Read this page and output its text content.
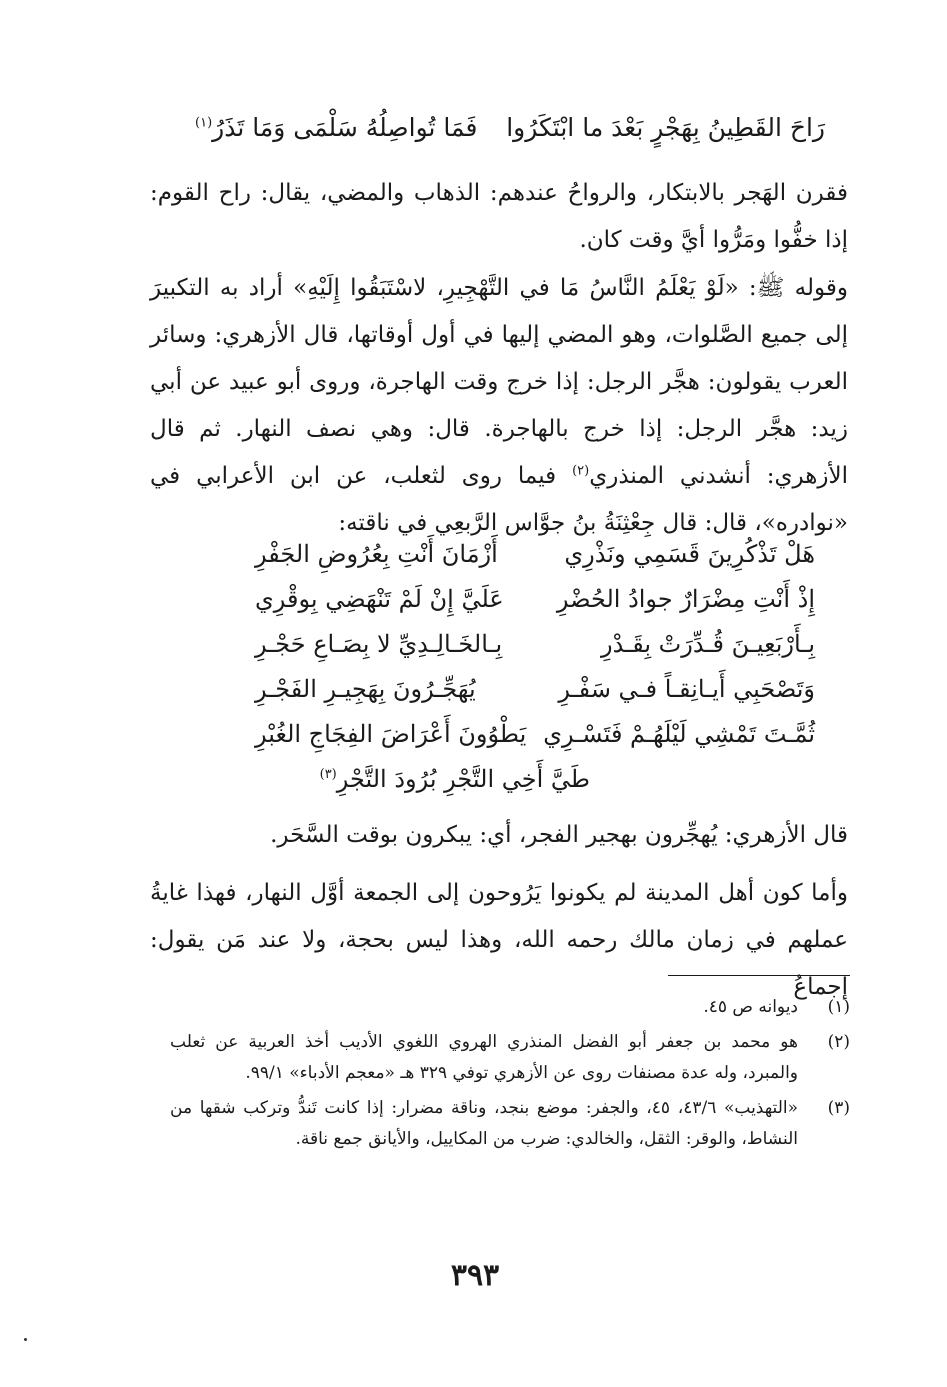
رَاحَ القَطِينُ بِهَجْرٍ بَعْدَ ما ابْتَكَرُوا
فَمَا تُواصِلُهُ سَلْمَى وَمَا تَذَرُ$^{(١)}$

فقرن الهَجر بالابتكار، والرواحُ عندهم: الذهاب والمضي، يقال: راح القوم: إذا خفُّوا ومَرُّوا أيَّ وقت كان.

وقوله ﷺ: «لَوْ يَعْلَمُ النَّاسُ مَا في التَّهْجِيرِ، لاسْتَبَقُوا إِلَيْهِ» أراد به التكبيرَ إلى جميع الصَّلوات، وهو المضي إليها في أول أوقاتها، قال الأزهري: وسائر العرب يقولون: هجَّر الرجل: إذا خرج وقت الهاجرة، وروى أبو عبيد عن أبي زيد: هجَّر الرجل: إذا خرج بالهاجرة. قال: وهي نصف النهار. ثم قال الأزهري: أنشدني المنذري$^{(٢)}$ فيما روى لثعلب، عن ابن الأعرابي في «نوادره»، قال: قال جِعْثِنَةُ بنُ جوَّاس الرَّبعِي في ناقته:

هَلْ تَذْكُرِينَ قَسَمِي ونَذْرِي
أَزْمَانَ أَنْتِ بِعُرُوضِ الجَفْرِ
إِذْ أَنْتِ مِضْرَارٌ جوادُ الحُضْرِ
عَلَيَّ إِنْ لَمْ تَنْهَضِي بِوقْرِي
بِـأَرْبَعِيـنَ قُـدِّرَتْ بِقَـدْرِ
بِـالخَـالِـدِيِّ لا بِصَـاعِ حَجْـرِ
وَتَصْحَبِي أَيـانِقـاً فـي سَفْـرِ
يُهَجِّـرُونَ بِهَجِيـرِ الفَجْـرِ
ثُمَّـتَ تَمْشِي لَيْلَهُـمْ فَتَسْـرِي
يَطْوُونَ أَعْرَاضَ الفِجَاجِ الغُبْرِ
طَيَّ أَخِي التَّجْرِ بُرُودَ التَّجْرِ$^{(٣)}$

قال الأزهري: يُهجِّرون بهجير الفجر، أي: يبكرون بوقت السَّحَر.

وأما كون أهل المدينة لم يكونوا يَرُوحون إلى الجمعة أوَّل النهار، فهذا غايةُ عملهم في زمان مالك رحمه الله، وهذا ليس بحجة، ولا عند مَن يقول: إجماعُ

(١)
ديوانه ص ٤٥.
(٢)
هو محمد بن جعفر أبو الفضل المنذري الهروي اللغوي الأديب أخذ العربية عن ثعلب والمبرد، وله عدة مصنفات روى عن الأزهري توفي ٣٢٩ هـ «معجم الأدباء» ٩٩/١.
(٣)
«التهذيب» ٤٣/٦، ٤٥، والجفر: موضع بنجد، وناقة مضرار: إذا كانت تَندُّ وتركب شقها من النشاط، والوقر: الثقل، والخالدي: ضرب من المكاييل، والأيانق جمع ناقة.
٣٩٣
